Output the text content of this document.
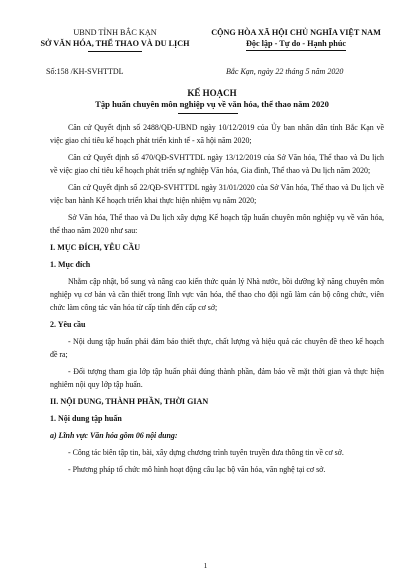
UBND TỈNH BẮC KẠN
SỞ VĂN HÓA, THỂ THAO VÀ DU LỊCH
CỘNG HÒA XÃ HỘI CHỦ NGHĨA VIỆT NAM
Độc lập - Tự do - Hạnh phúc
Số:158 /KH-SVHTTDL	Bắc Kạn, ngày 22 tháng 5 năm 2020
KẾ HOẠCH
Tập huấn chuyên môn nghiệp vụ về văn hóa, thể thao năm 2020

Căn cứ Quyết định số 2488/QĐ-UBND ngày 10/12/2019 của Ủy ban nhân dân tỉnh Bắc Kạn về việc giao chỉ tiêu kế hoạch phát triển kinh tế - xã hội năm 2020;

Căn cứ Quyết định số 470/QĐ-SVHTTDL ngày 13/12/2019 của Sở Văn hóa, Thể thao và Du lịch về việc giao chỉ tiêu kế hoạch phát triển sự nghiệp Văn hóa, Gia đình, Thể thao và Du lịch năm 2020;

Căn cứ Quyết định số 22/QĐ-SVHTTDL ngày 31/01/2020 của Sở Văn hóa, Thể thao và Du lịch về việc ban hành Kế hoạch triển khai thực hiện nhiệm vụ năm 2020;

Sở Văn hóa, Thể thao và Du lịch xây dựng Kế hoạch tập huấn chuyên môn nghiệp vụ về văn hóa, thể thao năm 2020 như sau:

I. MỤC ĐÍCH, YÊU CẦU

1. Mục đích

Nhằm cập nhật, bổ sung và nâng cao kiến thức quản lý Nhà nước, bồi dưỡng kỹ năng chuyên môn nghiệp vụ cơ bản và cần thiết trong lĩnh vực văn hóa, thể thao cho đội ngũ làm cán bộ công chức, viên chức làm công tác văn hóa từ cấp tỉnh đến cấp cơ sở;

2. Yêu cầu

- Nội dung tập huấn phải đảm bảo thiết thực, chất lượng và hiệu quả các chuyên đề theo kế hoạch đề ra;

- Đối tượng tham gia lớp tập huấn phải đúng thành phần, đảm bảo về mặt thời gian và thực hiện nghiêm nội quy lớp tập huấn.

II. NỘI DUNG, THÀNH PHẦN, THỜI GIAN

1. Nội dung tập huấn

a) Lĩnh vực Văn hóa gồm 06 nội dung:

- Công tác biên tập tin, bài, xây dựng chương trình tuyên truyền đưa thông tin về cơ sở.

- Phương pháp tổ chức mô hình hoạt động câu lạc bộ văn hóa, văn nghệ tại cơ sở.

1
